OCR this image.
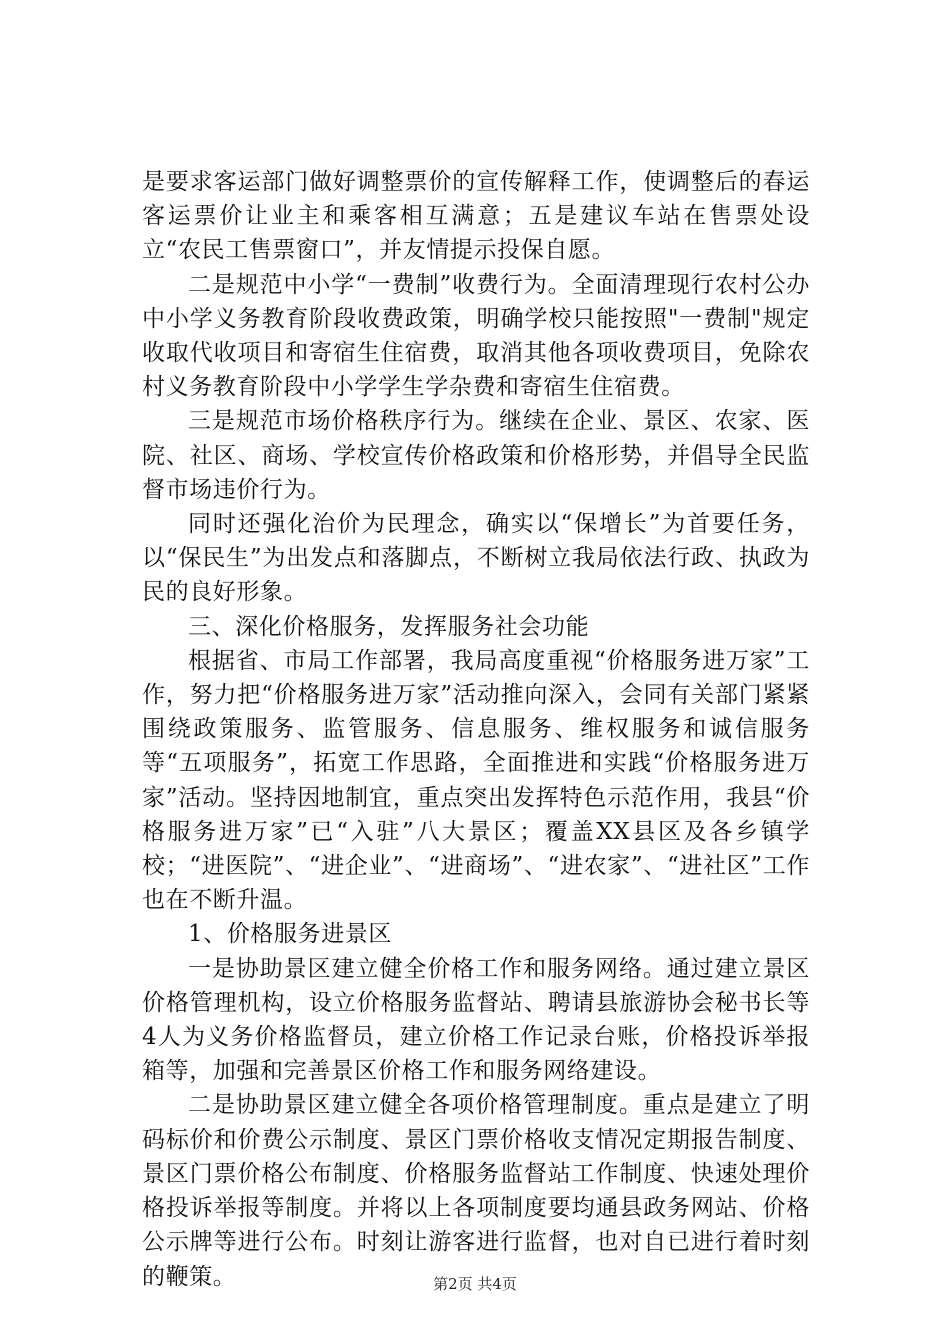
是要求客运部门做好调整票价的宣传解释工作，使调整后的春运客运票价让业主和乘客相互满意；五是建议车站在售票处设立“农民工售票窗口”，并友情提示投保自愿。

二是规范中小学“一费制”收费行为。全面清理现行农村公办中小学义务教育阶段收费政策，明确学校只能按照"一费制"规定收取代收项目和寄宿生住宿费，取消其他各项收费项目，免除农村义务教育阶段中小学学生学杂费和寄宿生住宿费。

三是规范市场价格秩序行为。继续在企业、景区、农家、医院、社区、商场、学校宣传价格政策和价格形势，并倡导全民监督市场违价行为。

同时还强化治价为民理念，确实以“保增长”为首要任务，以“保民生”为出发点和落脚点，不断树立我局依法行政、执政为民的良好形象。

三、深化价格服务，发挥服务社会功能

根据省、市局工作部署，我局高度重视“价格服务进万家”工作，努力把“价格服务进万家”活动推向深入，会同有关部门紧紧围绕政策服务、监管服务、信息服务、维权服务和诚信服务等“五项服务”，拓宽工作思路，全面推进和实践“价格服务进万家”活动。坚持因地制宜，重点突出发挥特色示范作用，我县“价格服务进万家”已“入驻”八大景区；覆盖XX县区及各乡镇学校；“进医院”、“进企业”、“进商场”、“进农家”、“进社区”工作也在不断升温。

1、价格服务进景区

一是协助景区建立健全价格工作和服务网络。通过建立景区价格管理机构，设立价格服务监督站、聘请县旅游协会秘书长等4人为义务价格监督员，建立价格工作记录台账，价格投诉举报箱等，加强和完善景区价格工作和服务网络建设。

二是协助景区建立健全各项价格管理制度。重点是建立了明码标价和价费公示制度、景区门票价格收支情况定期报告制度、景区门票价格公布制度、价格服务监督站工作制度、快速处理价格投诉举报等制度。并将以上各项制度要均通县政务网站、价格公示牌等进行公布。时刻让游客进行监督，也对自已进行着时刻的鞭策。	第2页 共4页
